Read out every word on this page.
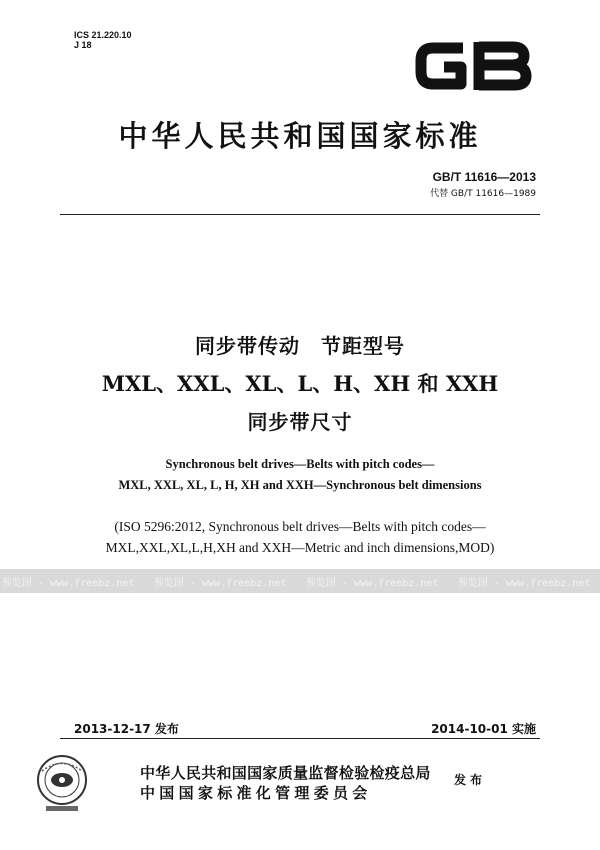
ICS 21.220.10
J 18
中华人民共和国国家标准
GB/T 11616—2013
代替 GB/T 11616—1989
同步带传动　节距型号
MXL、XXL、XL、L、H、XH 和 XXH
同步带尺寸
Synchronous belt drives—Belts with pitch codes—
MXL, XXL, XL, L, H, XH and XXH—Synchronous belt dimensions
(ISO 5296:2012, Synchronous belt drives—Belts with pitch codes—
MXL,XXL,XL,L,H,XH and XXH—Metric and inch dimensions,MOD)
预览图 - www.freebz.net 预览图 - www.freebz.net 预览图 - www.freebz.net 预览图 - www.freebz.net
2013-12-17 发布	2014-10-01 实施
中华人民共和国国家质量监督检验检疫总局
中国国家标准化管理委员会
发布
